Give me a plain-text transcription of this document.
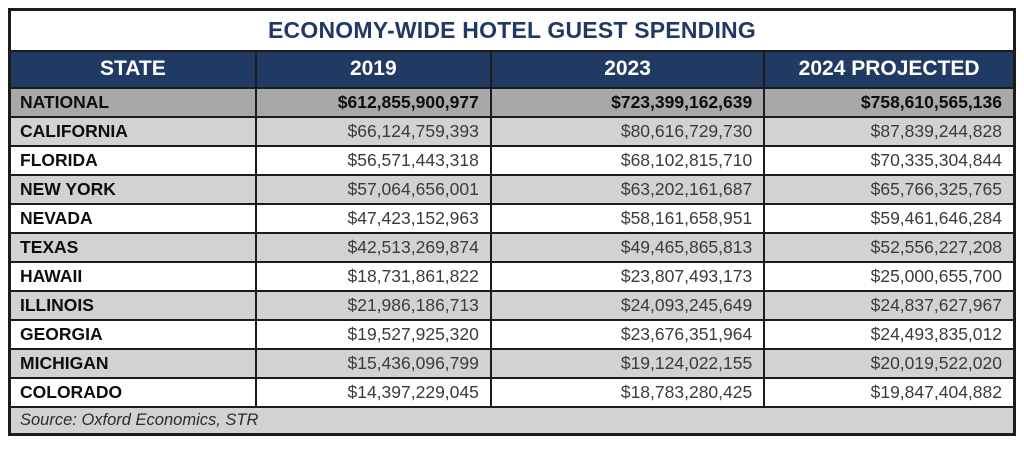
ECONOMY-WIDE HOTEL GUEST SPENDING			
STATE	2019	2023	2024 PROJECTED
NATIONAL	$612,855,900,977	$723,399,162,639	$758,610,565,136
CALIFORNIA	$66,124,759,393	$80,616,729,730	$87,839,244,828
FLORIDA	$56,571,443,318	$68,102,815,710	$70,335,304,844
NEW YORK	$57,064,656,001	$63,202,161,687	$65,766,325,765
NEVADA	$47,423,152,963	$58,161,658,951	$59,461,646,284
TEXAS	$42,513,269,874	$49,465,865,813	$52,556,227,208
HAWAII	$18,731,861,822	$23,807,493,173	$25,000,655,700
ILLINOIS	$21,986,186,713	$24,093,245,649	$24,837,627,967
GEORGIA	$19,527,925,320	$23,676,351,964	$24,493,835,012
MICHIGAN	$15,436,096,799	$19,124,022,155	$20,019,522,020
COLORADO	$14,397,229,045	$18,783,280,425	$19,847,404,882
Source: Oxford Economics, STR			
